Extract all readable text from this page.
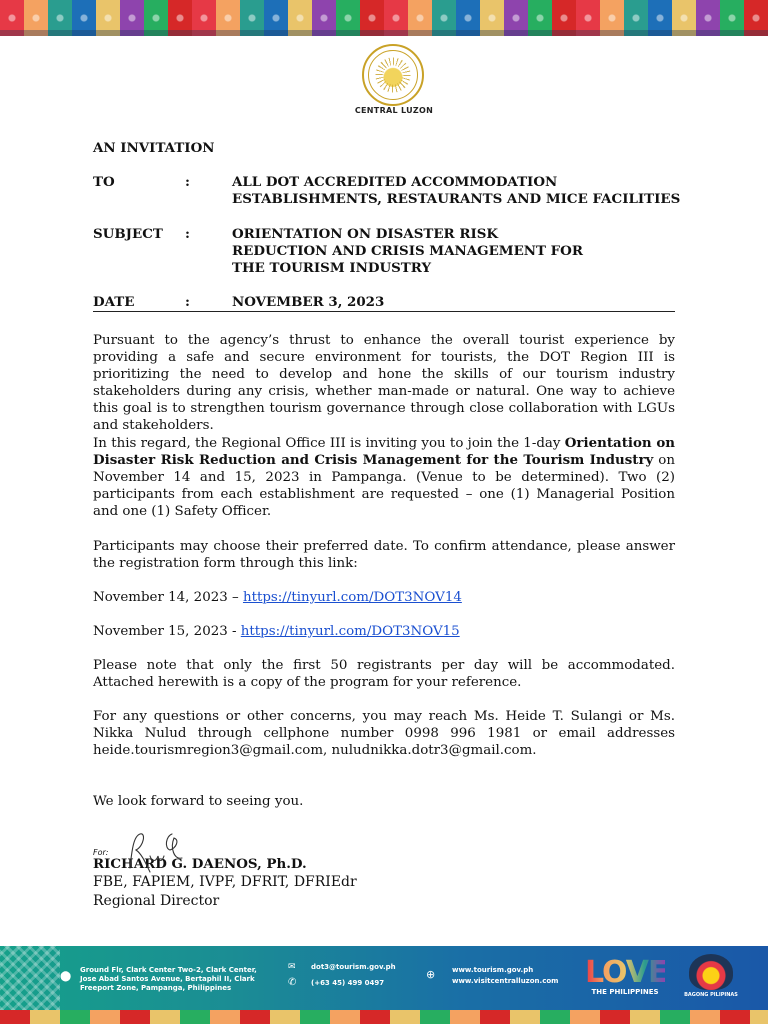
CENTRAL LUZON
AN INVITATION
TO	:	ALL DOT ACCREDITED ACCOMMODATION ESTABLISHMENTS, RESTAURANTS AND MICE FACILITIES
SUBJECT :	ORIENTATION ON DISASTER RISK REDUCTION AND CRISIS MANAGEMENT FOR THE TOURISM INDUSTRY
DATE	:	NOVEMBER 3, 2023

Pursuant to the agency’s thrust to enhance the overall tourist experience by providing a safe and secure environment for tourists, the DOT Region III is prioritizing the need to develop and hone the skills of our tourism industry stakeholders during any crisis, whether man-made or natural. One way to achieve this goal is to strengthen tourism governance through close collaboration with LGUs and stakeholders.

In this regard, the Regional Office III is inviting you to join the 1-day Orientation on Disaster Risk Reduction and Crisis Management for the Tourism Industry on November 14 and 15, 2023 in Pampanga. (Venue to be determined). Two (2) participants from each establishment are requested – one (1) Managerial Position and one (1) Safety Officer.

Participants may choose their preferred date. To confirm attendance, please answer the registration form through this link:

November 14, 2023 – https://tinyurl.com/DOT3NOV14

November 15, 2023 - https://tinyurl.com/DOT3NOV15

Please note that only the first 50 registrants per day will be accommodated. Attached herewith is a copy of the program for your reference.

For any questions or other concerns, you may reach Ms. Heide T. Sulangi or Ms. Nikka Nulud through cellphone number 0998 996 1981 or email addresses heide.tourismregion3@gmail.com, nuludnikka.dotr3@gmail.com.

We look forward to seeing you.

For:
RICHARD G. DAENOS, Ph.D.
FBE, FAPIEM, IVPF, DFRIT, DFRIEdr
Regional Director
⬤
Ground Flr, Clark Center Two-2, Clark Center, Jose Abad Santos Avenue, Bertaphil II, Clark Freeport Zone, Pampanga, Philippines
✉ dot3@tourism.gov.ph
✆ (+63 45) 499 0497
⊕ www.tourism.gov.ph
www.visitcentralluzon.com LOVE
THE PHILIPPINES	BAGONG PILIPINAS
